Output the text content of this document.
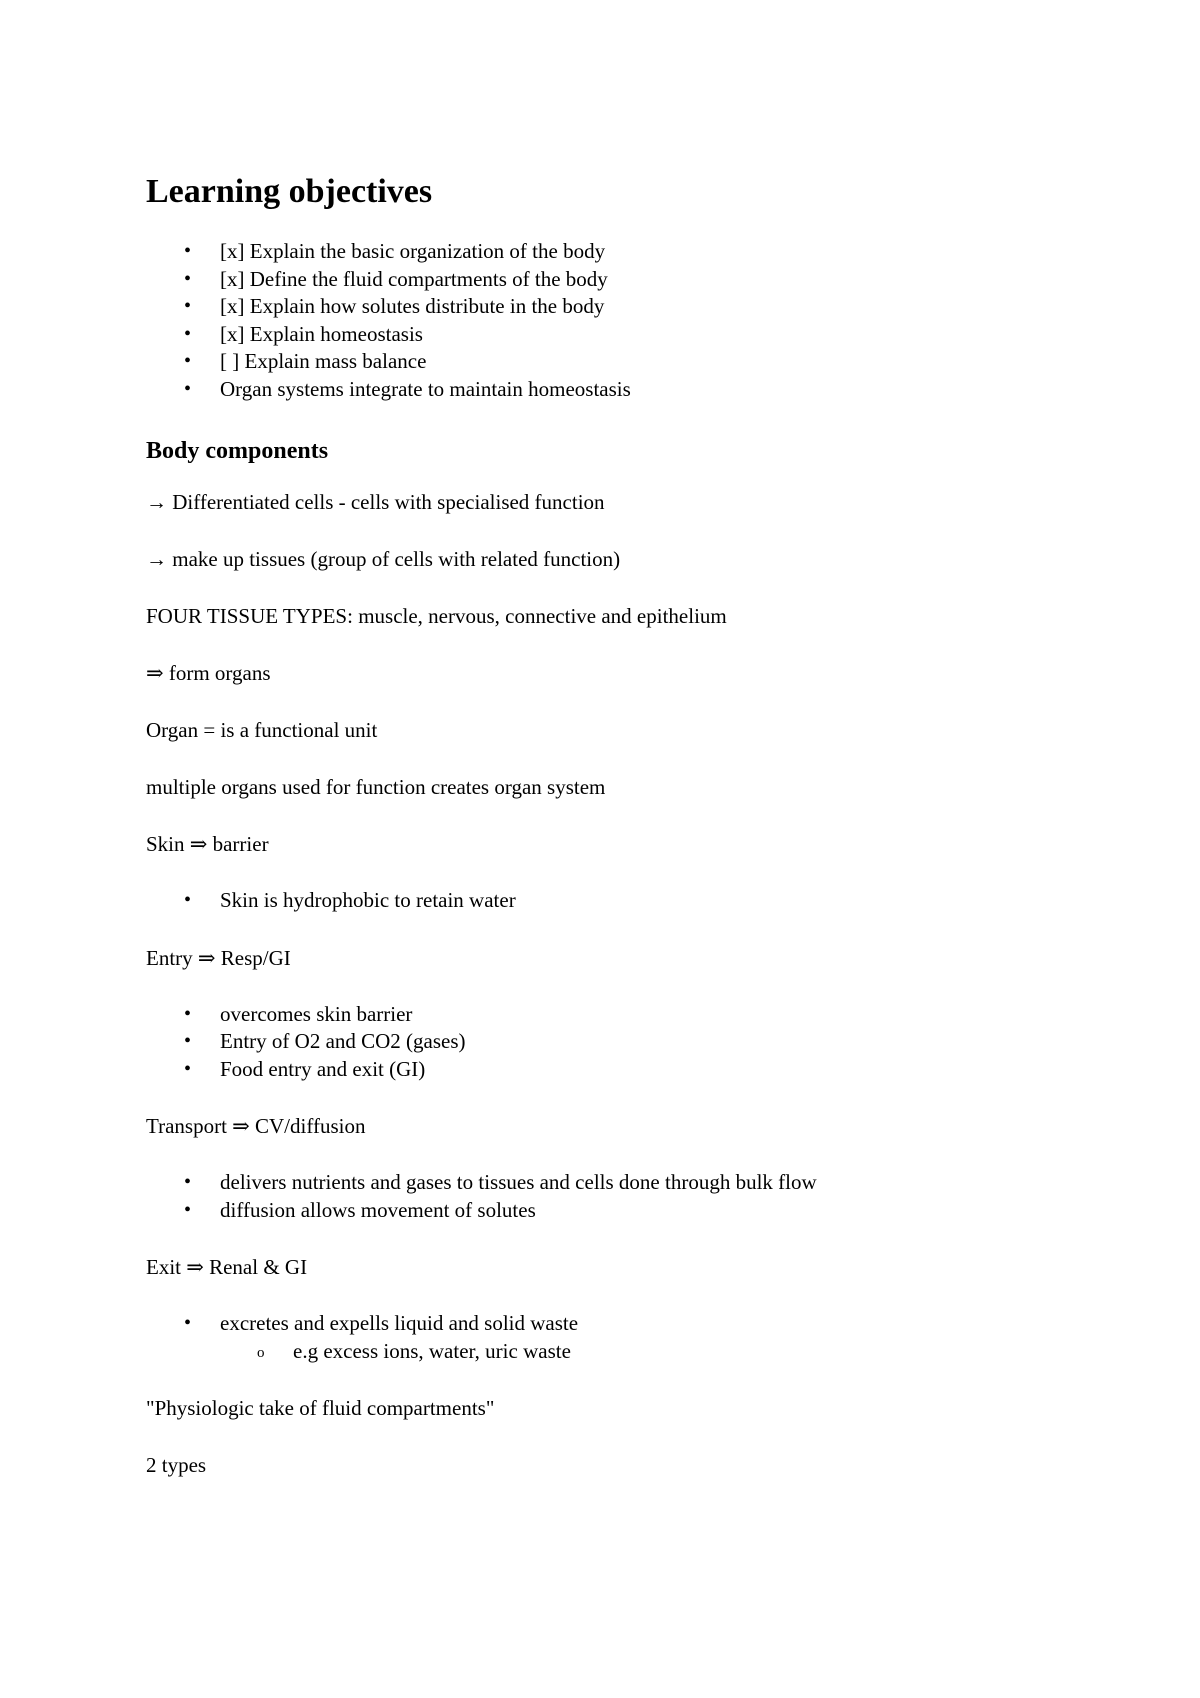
Learning objectives
• [x] Explain the basic organization of the body
• [x] Define the fluid compartments of the body
• [x] Explain how solutes distribute in the body
• [x] Explain homeostasis
• [ ] Explain mass balance
• Organ systems integrate to maintain homeostasis
Body components

→ Differentiated cells - cells with specialised function

→ make up tissues (group of cells with related function)

FOUR TISSUE TYPES: muscle, nervous, connective and epithelium

⇒ form organs

Organ = is a functional unit

multiple organs used for function creates organ system

Skin ⇒ barrier

• Skin is hydrophobic to retain water

Entry ⇒ Resp/GI

• overcomes skin barrier
• Entry of O2 and CO2 (gases)
• Food entry and exit (GI)

Transport ⇒ CV/diffusion

• delivers nutrients and gases to tissues and cells done through bulk flow
• diffusion allows movement of solutes

Exit ⇒ Renal & GI

• excretes and expells liquid and solid waste
o e.g excess ions, water, uric waste

"Physiologic take of fluid compartments"

2 types
